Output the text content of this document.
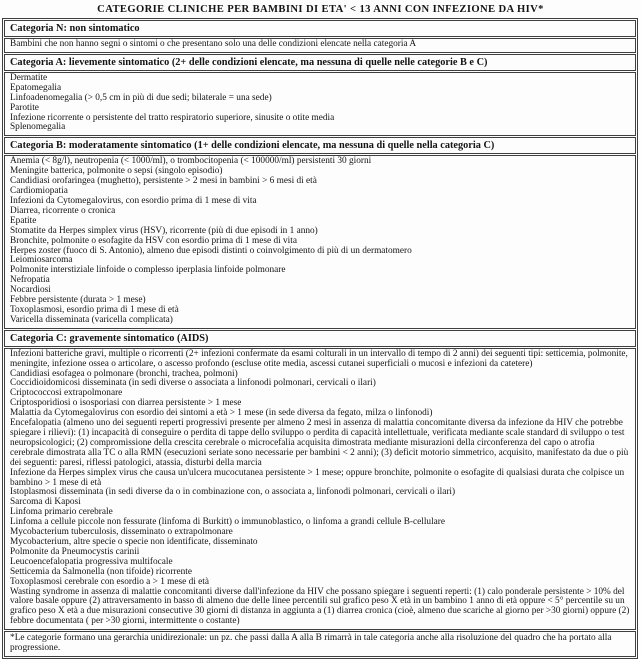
CATEGORIE CLINICHE PER BAMBINI DI ETA' < 13 ANNI CON INFEZIONE DA HIV*
Categoria N: non sintomatico

Bambini che non hanno segni o sintomi o che presentano solo una delle condizioni elencate nella categoria A

Categoria A: lievemente sintomatico (2+ delle condizioni elencate, ma nessuna di quelle nelle categorie B e C)

Dermatite
Epatomegalia
Linfoadenomegalia (> 0,5 cm in più di due sedi; bilaterale = una sede)
Parotite
Infezione ricorrente o persistente del tratto respiratorio superiore, sinusite o otite media
Splenomegalia

Categoria B: moderatamente sintomatico (1+ delle condizioni elencate, ma nessuna di quelle nella categoria C)

Anemia (< 8g/l), neutropenia (< 1000/ml), o trombocitopenia (< 100000/ml) persistenti 30 giorni
Meningite batterica, polmonite o sepsi (singolo episodio)
Candidiasi orofaringea (mughetto), persistente > 2 mesi in bambini > 6 mesi di età
Cardiomiopatia
Infezioni da Cytomegalovirus, con esordio prima di 1 mese di vita
Diarrea, ricorrente o cronica
Epatite
Stomatite da Herpes simplex virus (HSV), ricorrente (più di due episodi in 1 anno)
Bronchite, polmonite o esofagite da HSV con esordio prima di 1 mese di vita
Herpes zoster (fuoco di S. Antonio), almeno due episodi distinti o coinvolgimento di più di un dermatomero
Leiomiosarcoma
Polmonite interstiziale linfoide o complesso iperplasia linfoide polmonare
Nefropatia
Nocardiosi
Febbre persistente (durata > 1 mese)
Toxoplasmosi, esordio prima di 1 mese di età
Varicella disseminata (varicella complicata)

Categoria C: gravemente sintomatico (AIDS)

Infezioni batteriche gravi, multiple o ricorrenti (2+ infezioni confermate da esami colturali in un intervallo di tempo di 2 anni) dei seguenti tipi: setticemia, polmonite, meningite, infezione ossea o articolare, o ascesso profondo (escluse otite media, ascessi cutanei superficiali o mucosi e infezioni da catetere)
Candidiasi esofagea o polmonare (bronchi, trachea, polmoni)
Coccidioidomicosi disseminata (in sedi diverse o associata a linfonodi polmonari, cervicali o ilari)
Criptococcosi extrapolmonare
Criptosporidiosi o isosporiasi con diarrea persistente > 1 mese
Malattia da Cytomegalovirus con esordio dei sintomi a età > 1 mese (in sede diversa da fegato, milza o linfonodi)
Encefalopatia (almeno uno dei seguenti reperti progressivi presente per almeno 2 mesi in assenza di malattia concomitante diversa da infezione da HIV che potrebbe spiegare i rilievi): (1) incapacità di conseguire o perdita di tappe dello sviluppo o perdita di capacità intellettuale, verificata mediante scale standard di sviluppo o test neuropsicologici; (2) compromissione della crescita cerebrale o microcefalia acquisita dimostrata mediante misurazioni della circonferenza del capo o atrofia cerebrale dimostrata alla TC o alla RMN (esecuzioni seriate sono necessarie per bambini < 2 anni); (3) deficit motorio simmetrico, acquisito, manifestato da due o più dei seguenti: paresi, riflessi patologici, atassia, disturbi della marcia
Infezione da Herpes simplex virus che causa un'ulcera mucocutanea persistente > 1 mese; oppure bronchite, polmonite o esofagite di qualsiasi durata che colpisce un bambino > 1 mese di età
Istoplasmosi disseminata (in sedi diverse da o in combinazione con, o associata a, linfonodi polmonari, cervicali o ilari)
Sarcoma di Kaposi
Linfoma primario cerebrale
Linfoma a cellule piccole non fessurate (linfoma di Burkitt) o immunoblastico, o linfoma a grandi cellule B-cellulare
Mycobacterium tuberculosis, disseminato o extrapolmonare
Mycobacterium, altre specie o specie non identificate, disseminato
Polmonite da Pneumocystis carinii
Leucoencefalopatia progressiva multifocale
Setticemia da Salmonella (non tifoide) ricorrente
Toxoplasmosi cerebrale con esordio a > 1 mese di età
Wasting syndrome in assenza di malattie concomitanti diverse dall'infezione da HIV che possano spiegare i seguenti reperti: (1) calo ponderale persistente > 10% del valore basale oppure (2) attraversamento in basso di almeno due delle linee percentili sul grafico peso X età in un bambino 1 anno di età oppure < 5° percentile su un grafico peso X età a due misurazioni consecutive 30 giorni di distanza in aggiunta a (1) diarrea cronica (cioè, almeno due scariche al giorno per >30 giorni) oppure (2) febbre documentata ( per >30 giorni, intermittente o costante)

*Le categorie formano una gerarchia unidirezionale: un pz. che passi dalla A alla B rimarrà in tale categoria anche alla risoluzione del quadro che ha portato alla progressione.
